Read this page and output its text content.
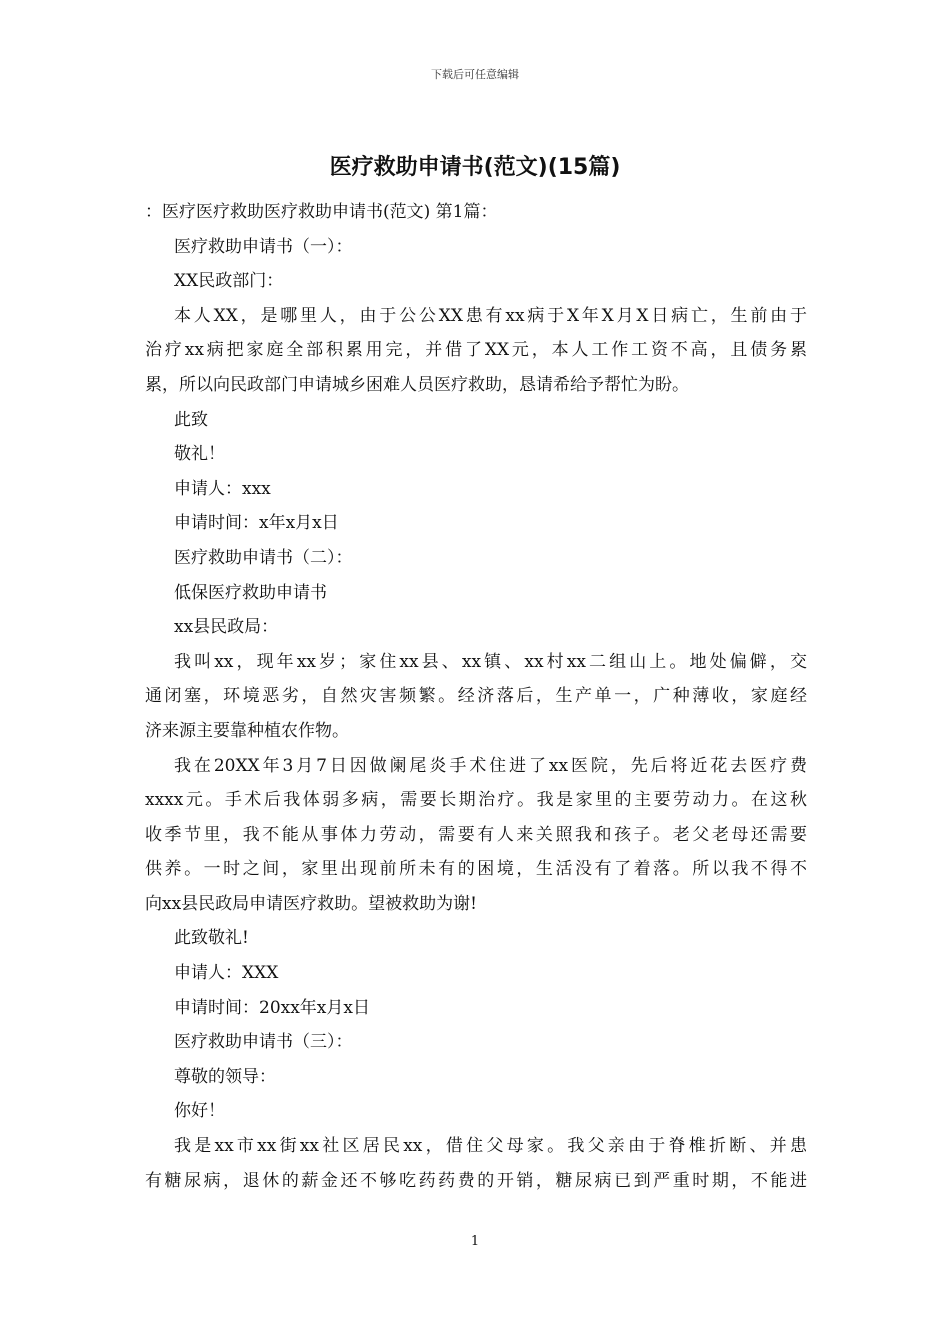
下载后可任意编辑
医疗救助申请书(范文)(15篇)
：医疗医疗救助医疗救助申请书(范文) 第1篇：
医疗救助申请书（一）：
XX民政部门：
本人XX，是哪里人，由于公公XX患有xx病于X年X月X日病亡，生前由于
治疗xx病把家庭全部积累用完，并借了XX元，本人工作工资不高，且债务累
累，所以向民政部门申请城乡困难人员医疗救助，恳请希给予帮忙为盼。
此致
敬礼！
申请人：xxx
申请时间：x年x月x日
医疗救助申请书（二）：
低保医疗救助申请书
xx县民政局：
我叫xx，现年xx岁；家住xx县、xx镇、xx村xx二组山上。地处偏僻，交
通闭塞，环境恶劣，自然灾害频繁。经济落后，生产单一，广种薄收，家庭经
济来源主要靠种植农作物。
我在20XX年3月7日因做阑尾炎手术住进了xx医院，先后将近花去医疗费
xxxx元。手术后我体弱多病，需要长期治疗。我是家里的主要劳动力。在这秋
收季节里，我不能从事体力劳动，需要有人来关照我和孩子。老父老母还需要
供养。一时之间，家里出现前所未有的困境，生活没有了着落。所以我不得不
向xx县民政局申请医疗救助。望被救助为谢!
此致敬礼!
申请人：XXX
申请时间：20xx年x月x日
医疗救助申请书（三）：
尊敬的领导：
你好！
我是xx市xx街xx社区居民xx，借住父母家。我父亲由于脊椎折断、并患
有糖尿病，退休的薪金还不够吃药药费的开销，糖尿病已到严重时期，不能进
1
